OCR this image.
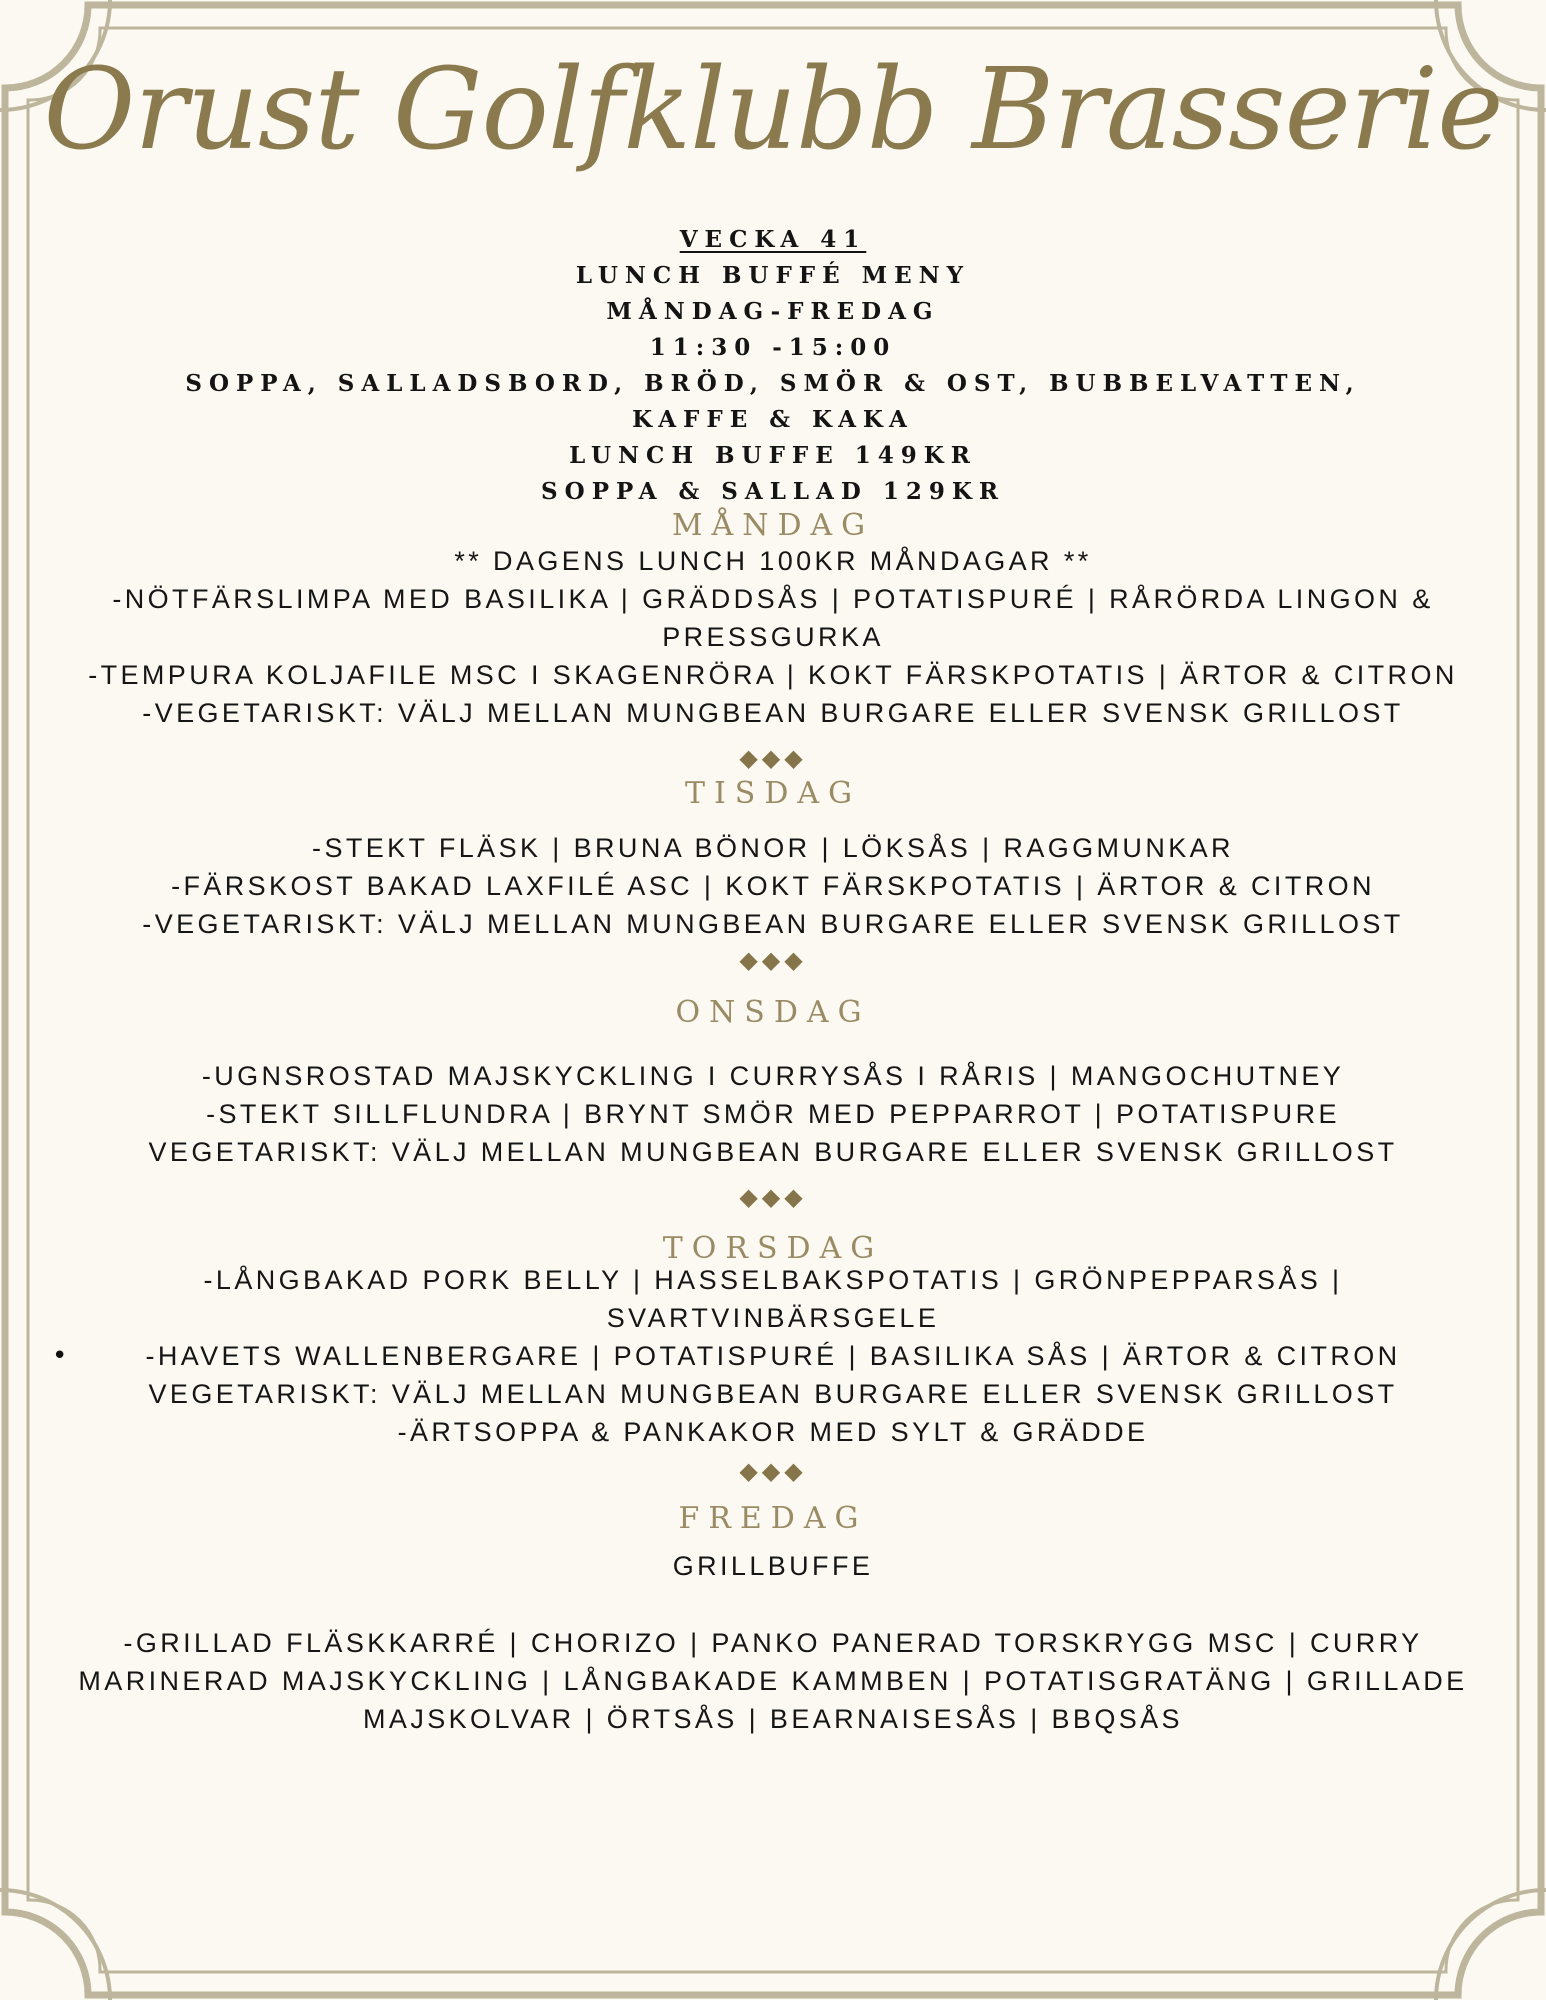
Orust Golfklubb Brasserie
VECKA 41
LUNCH BUFFÉ MENY
MÅNDAG-FREDAG
11:30 -15:00
SOPPA, SALLADSBORD, BRÖD, SMÖR & OST, BUBBELVATTEN,
KAFFE & KAKA
LUNCH BUFFE 149KR
SOPPA & SALLAD 129KR
MÅNDAG
** DAGENS LUNCH 100KR MÅNDAGAR **
-NÖTFÄRSLIMPA MED BASILIKA | GRÄDDSÅS | POTATISPURÉ | RÅRÖRDA LINGON &
PRESSGURKA
-TEMPURA KOLJAFILE MSC I SKAGENRÖRA | KOKT FÄRSKPOTATIS | ÄRTOR & CITRON
-VEGETARISKT: VÄLJ MELLAN MUNGBEAN BURGARE ELLER SVENSK GRILLOST
◆◆◆
TISDAG
-STEKT FLÄSK | BRUNA BÖNOR | LÖKSÅS | RAGGMUNKAR
-FÄRSKOST BAKAD LAXFILÉ ASC | KOKT FÄRSKPOTATIS | ÄRTOR & CITRON
-VEGETARISKT: VÄLJ MELLAN MUNGBEAN BURGARE ELLER SVENSK GRILLOST
◆◆◆
ONSDAG
-UGNSROSTAD MAJSKYCKLING I CURRYSÅS I RÅRIS | MANGOCHUTNEY
-STEKT SILLFLUNDRA | BRYNT SMÖR MED PEPPARROT | POTATISPURE
VEGETARISKT: VÄLJ MELLAN MUNGBEAN BURGARE ELLER SVENSK GRILLOST
◆◆◆
TORSDAG
-LÅNGBAKAD PORK BELLY | HASSELBAKSPOTATIS | GRÖNPEPPARSÅS |
SVARTVINBÄRSGELE
-HAVETS WALLENBERGARE | POTATISPURÉ | BASILIKA SÅS | ÄRTOR & CITRON
VEGETARISKT: VÄLJ MELLAN MUNGBEAN BURGARE ELLER SVENSK GRILLOST
-ÄRTSOPPA & PANKAKOR MED SYLT & GRÄDDE
•
◆◆◆
FREDAG
GRILLBUFFE
-GRILLAD FLÄSKKARRÉ | CHORIZO | PANKO PANERAD TORSKRYGG MSC | CURRY
MARINERAD MAJSKYCKLING | LÅNGBAKADE KAMMBEN | POTATISGRATÄNG | GRILLADE
MAJSKOLVAR | ÖRTSÅS | BEARNAISESÅS | BBQSÅS
